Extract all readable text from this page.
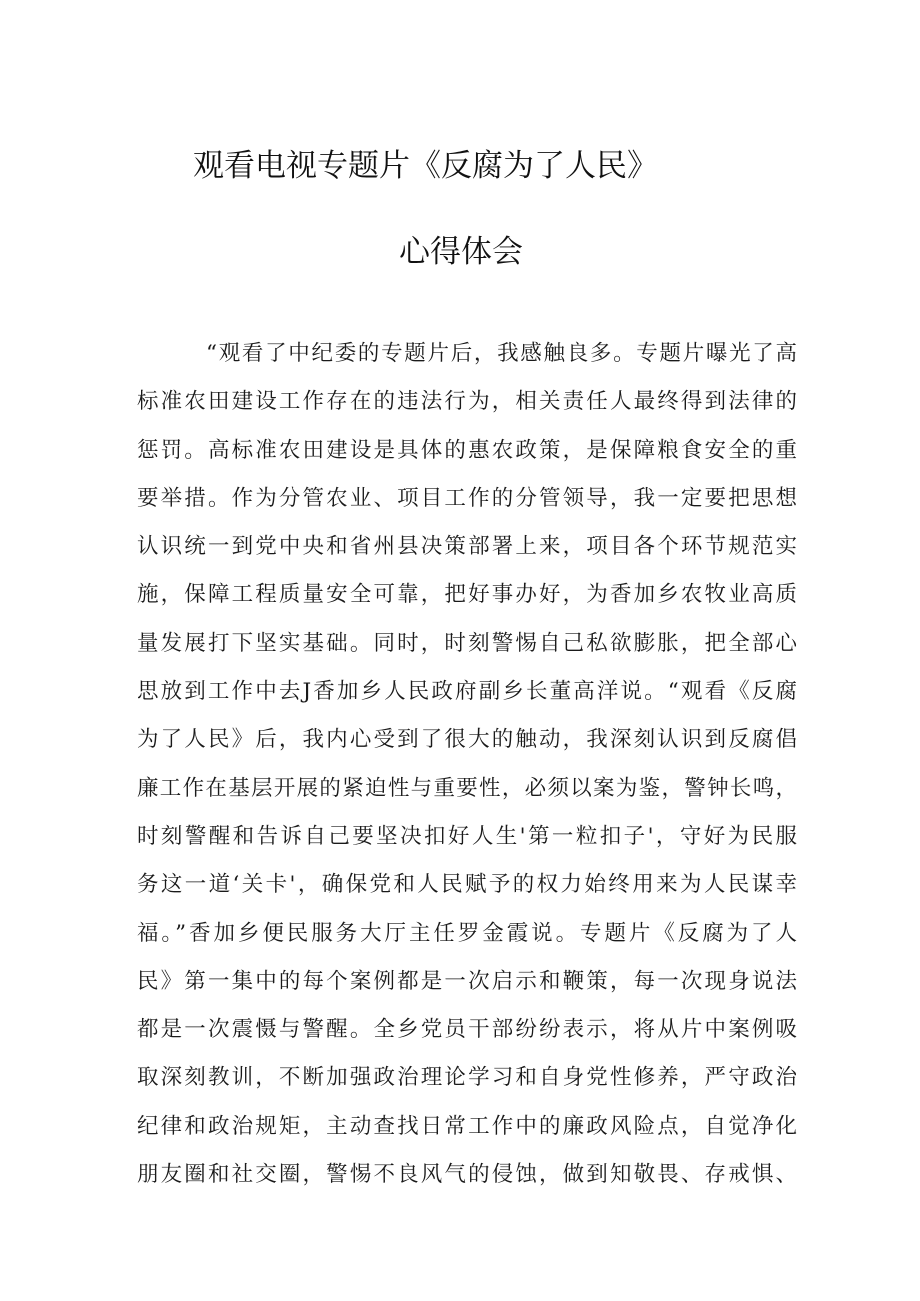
观看电视专题片《反腐为了人民》
心得体会
“观看了中纪委的专题片后，我感触良多。专题片曝光了高
标准农田建设工作存在的违法行为，相关责任人最终得到法律的
惩罚。高标准农田建设是具体的惠农政策，是保障粮食安全的重
要举措。作为分管农业、项目工作的分管领导，我一定要把思想
认识统一到党中央和省州县决策部署上来，项目各个环节规范实
施，保障工程质量安全可靠，把好事办好，为香加乡农牧业高质
量发展打下坚实基础。同时，时刻警惕自己私欲膨胀，把全部心
思放到工作中去J香加乡人民政府副乡长董高洋说。“观看《反腐
为了人民》后，我内心受到了很大的触动，我深刻认识到反腐倡
廉工作在基层开展的紧迫性与重要性，必须以案为鉴，警钟长鸣，
时刻警醒和告诉自己要坚决扣好人生'第一粒扣子'，守好为民服
务这一道‘关卡'，确保党和人民赋予的权力始终用来为人民谋幸
福。”香加乡便民服务大厅主任罗金霞说。专题片《反腐为了人
民》第一集中的每个案例都是一次启示和鞭策，每一次现身说法
都是一次震慑与警醒。全乡党员干部纷纷表示，将从片中案例吸
取深刻教训，不断加强政治理论学习和自身党性修养，严守政治
纪律和政治规矩，主动查找日常工作中的廉政风险点，自觉净化
朋友圈和社交圈，警惕不良风气的侵蚀，做到知敬畏、存戒惧、
